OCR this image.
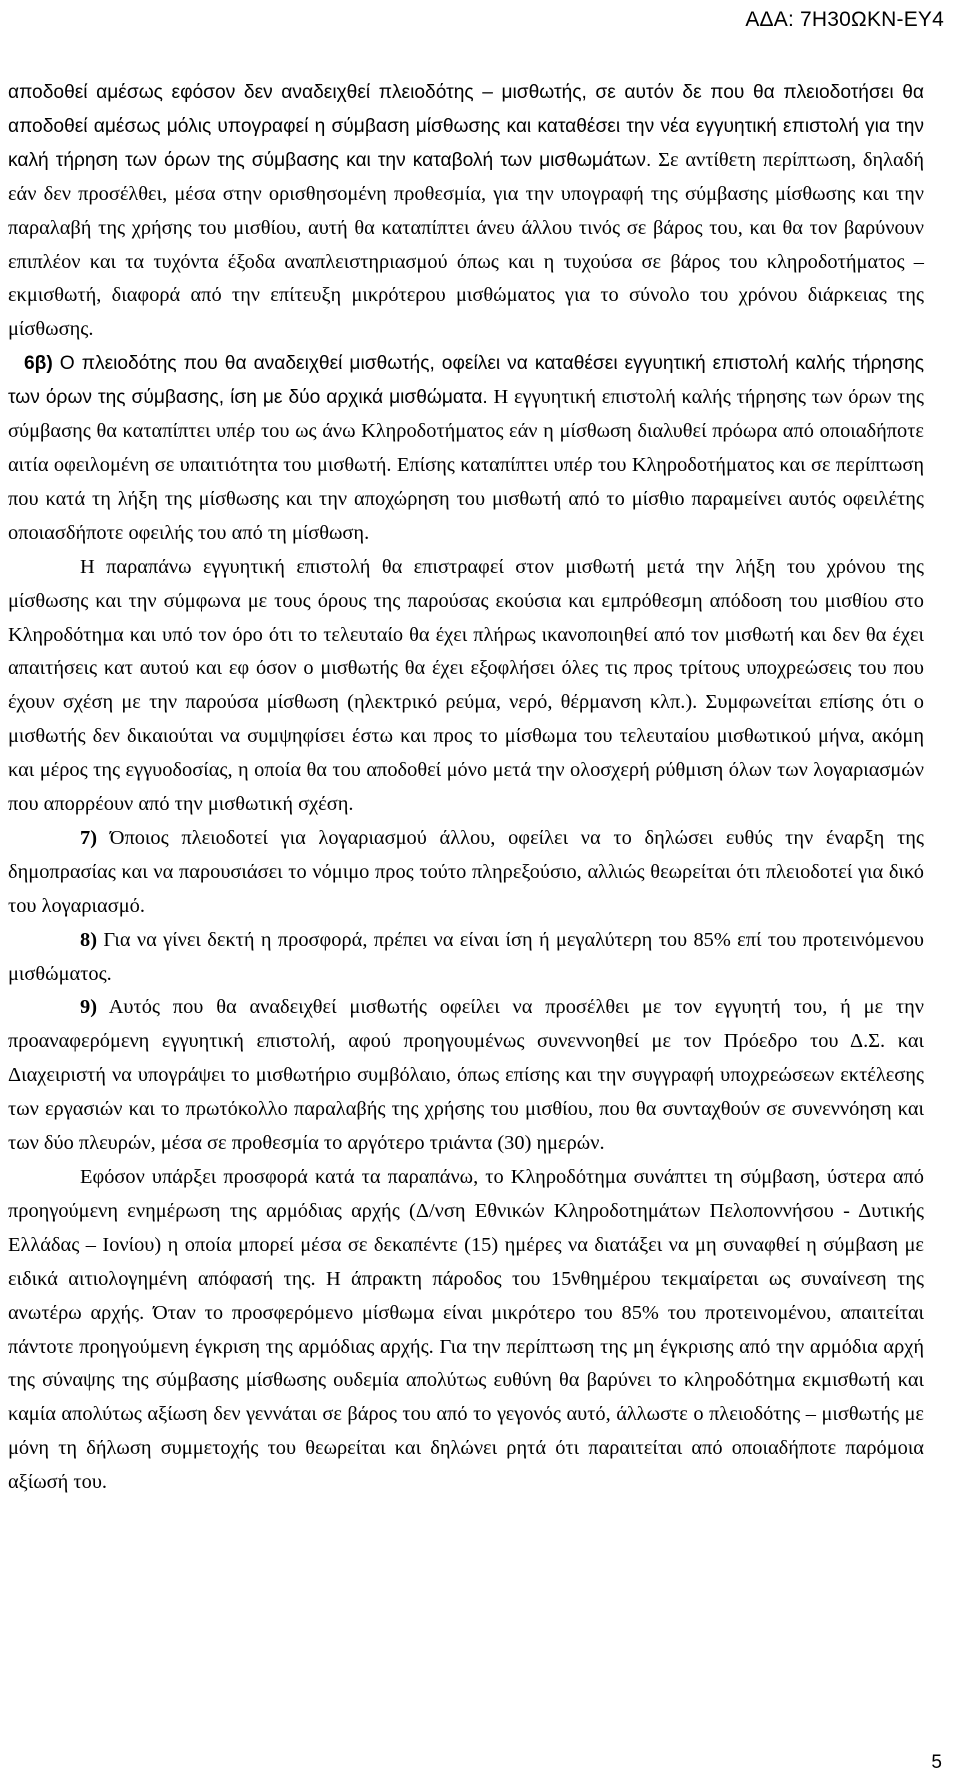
ΑΔΑ: 7Η30ΩΚΝ-ΕΥ4

αποδοθεί αμέσως εφόσον δεν αναδειχθεί πλειοδότης – μισθωτής, σε αυτόν δε που θα πλειοδοτήσει θα αποδοθεί αμέσως μόλις υπογραφεί η σύμβαση μίσθωσης και καταθέσει την νέα εγγυητική επιστολή για την καλή τήρηση των όρων της σύμβασης και την καταβολή των μισθωμάτων. Σε αντίθετη περίπτωση, δηλαδή εάν δεν προσέλθει, μέσα στην ορισθησομένη προθεσμία, για την υπογραφή της σύμβασης μίσθωσης και την παραλαβή της χρήσης του μισθίου, αυτή θα καταπίπτει άνευ άλλου τινός σε βάρος του, και θα τον βαρύνουν επιπλέον και τα τυχόντα έξοδα αναπλειστηριασμού όπως και η τυχούσα σε βάρος του κληροδοτήματος – εκμισθωτή, διαφορά από την επίτευξη μικρότερου μισθώματος για το σύνολο του χρόνου διάρκειας της μίσθωσης.

6β) Ο πλειοδότης που θα αναδειχθεί μισθωτής, οφείλει να καταθέσει εγγυητική επιστολή καλής τήρησης των όρων της σύμβασης, ίση με δύο αρχικά μισθώματα. Η εγγυητική επιστολή καλής τήρησης των όρων της σύμβασης θα καταπίπτει υπέρ του ως άνω Κληροδοτήματος εάν η μίσθωση διαλυθεί πρόωρα από οποιαδήποτε αιτία οφειλομένη σε υπαιτιότητα του μισθωτή. Επίσης καταπίπτει υπέρ του Κληροδοτήματος και σε περίπτωση που κατά τη λήξη της μίσθωσης και την αποχώρηση του μισθωτή από το μίσθιο παραμείνει αυτός οφειλέτης οποιασδήποτε οφειλής του από τη μίσθωση.

Η παραπάνω εγγυητική επιστολή θα επιστραφεί στον μισθωτή μετά την λήξη του χρόνου της μίσθωσης και την σύμφωνα με τους όρους της παρούσας εκούσια και εμπρόθεσμη απόδοση του μισθίου στο Κληροδότημα και υπό τον όρο ότι το τελευταίο θα έχει πλήρως ικανοποιηθεί από τον μισθωτή και δεν θα έχει απαιτήσεις κατ αυτού και εφ όσον ο μισθωτής θα έχει εξοφλήσει όλες τις προς τρίτους υποχρεώσεις του που έχουν σχέση με την παρούσα μίσθωση (ηλεκτρικό ρεύμα, νερό, θέρμανση κλπ.). Συμφωνείται επίσης ότι ο μισθωτής δεν δικαιούται να συμψηφίσει έστω και προς το μίσθωμα του τελευταίου μισθωτικού μήνα, ακόμη και μέρος της εγγυοδοσίας, η οποία θα του αποδοθεί μόνο μετά την ολοσχερή ρύθμιση όλων των λογαριασμών που απορρέουν από την μισθωτική σχέση.

7) Όποιος πλειοδοτεί για λογαριασμού άλλου, οφείλει να το δηλώσει ευθύς την έναρξη της δημοπρασίας και να παρουσιάσει το νόμιμο προς τούτο πληρεξούσιο, αλλιώς θεωρείται ότι πλειοδοτεί για δικό του λογαριασμό.

8) Για να γίνει δεκτή η προσφορά, πρέπει να είναι ίση ή μεγαλύτερη του 85% επί του προτεινόμενου μισθώματος.

9) Αυτός που θα αναδειχθεί μισθωτής οφείλει να προσέλθει με τον εγγυητή του, ή με την προαναφερόμενη εγγυητική επιστολή, αφού προηγουμένως συνεννοηθεί με τον Πρόεδρο του Δ.Σ. και Διαχειριστή να υπογράψει το μισθωτήριο συμβόλαιο, όπως επίσης και την συγγραφή υποχρεώσεων εκτέλεσης των εργασιών και το πρωτόκολλο παραλαβής της χρήσης του μισθίου, που θα συνταχθούν σε συνεννόηση και των δύο πλευρών, μέσα σε προθεσμία το αργότερο τριάντα (30) ημερών.

Εφόσον υπάρξει προσφορά κατά τα παραπάνω, το Κληροδότημα συνάπτει τη σύμβαση, ύστερα από προηγούμενη ενημέρωση της αρμόδιας αρχής (Δ/νση Εθνικών Κληροδοτημάτων Πελοποννήσου - Δυτικής Ελλάδας – Ιονίου) η οποία μπορεί μέσα σε δεκαπέντε (15) ημέρες να διατάξει να μη συναφθεί η σύμβαση με ειδικά αιτιολογημένη απόφασή της. Η άπρακτη πάροδος του 15νθημέρου τεκμαίρεται ως συναίνεση της ανωτέρω αρχής. Όταν το προσφερόμενο μίσθωμα είναι μικρότερο του 85% του προτεινομένου, απαιτείται πάντοτε προηγούμενη έγκριση της αρμόδιας αρχής. Για την περίπτωση της μη έγκρισης από την αρμόδια αρχή της σύναψης της σύμβασης μίσθωσης ουδεμία απολύτως ευθύνη θα βαρύνει το κληροδότημα εκμισθωτή και καμία απολύτως αξίωση δεν γεννάται σε βάρος του από το γεγονός αυτό, άλλωστε ο πλειοδότης – μισθωτής με μόνη τη δήλωση συμμετοχής του θεωρείται και δηλώνει ρητά ότι παραιτείται από οποιαδήποτε παρόμοια αξίωσή του.

5
